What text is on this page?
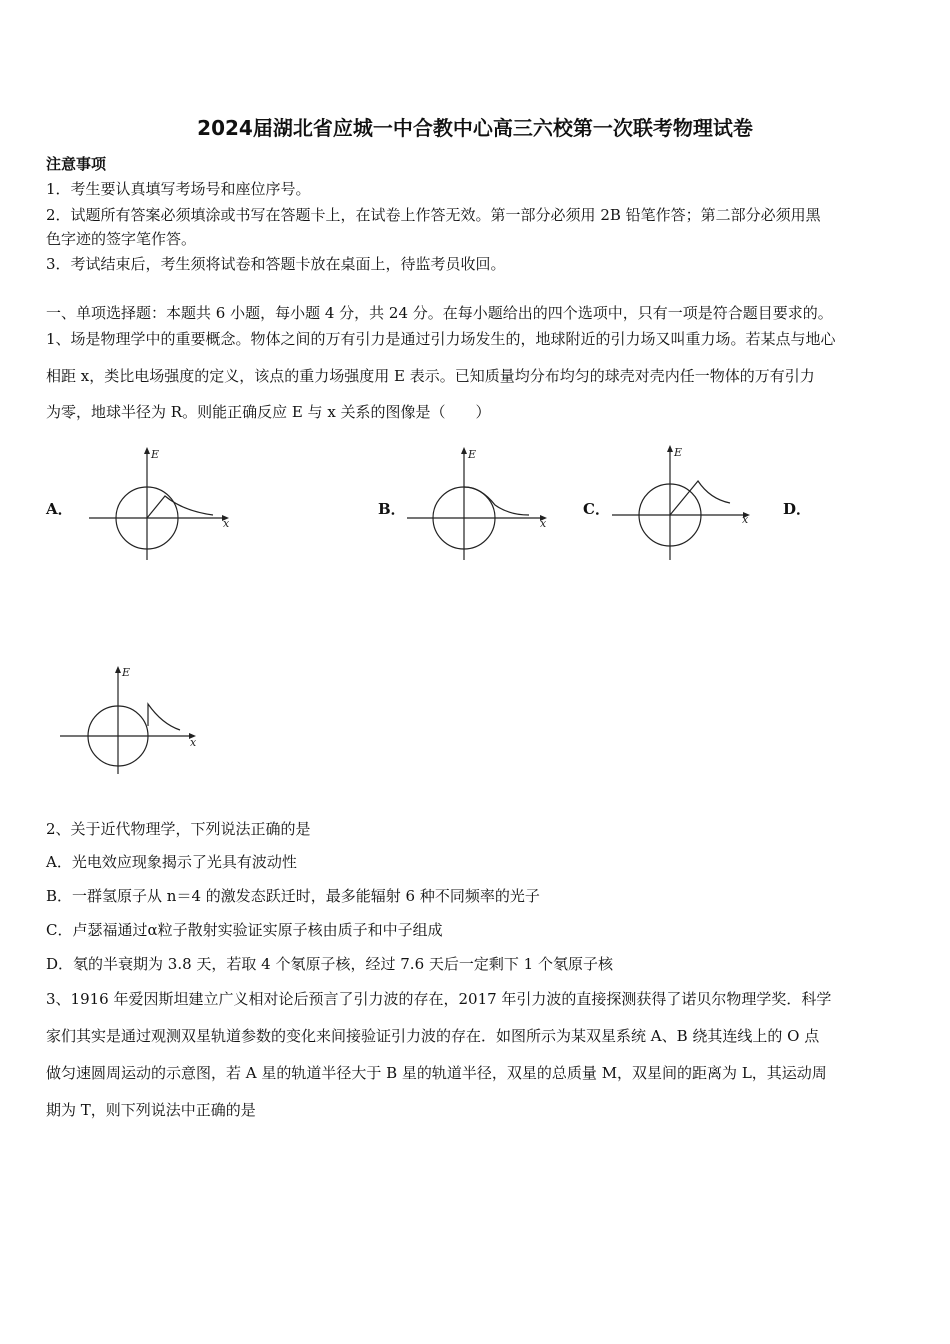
2024届湖北省应城一中合教中心高三六校第一次联考物理试卷
注意事项
1．考生要认真填写考场号和座位序号。
2．试题所有答案必须填涂或书写在答题卡上，在试卷上作答无效。第一部分必须用 2B 铅笔作答；第二部分必须用黑
色字迹的签字笔作答。
3．考试结束后，考生须将试卷和答题卡放在桌面上，待监考员收回。
一、单项选择题：本题共 6 小题，每小题 4 分，共 24 分。在每小题给出的四个选项中，只有一项是符合题目要求的。
1、场是物理学中的重要概念。物体之间的万有引力是通过引力场发生的，地球附近的引力场又叫重力场。若某点与地心
相距 x，类比电场强度的定义，该点的重力场强度用 E 表示。已知质量均分布均匀的球壳对壳内任一物体的万有引力
为零，地球半径为 R。则能正确反应 E 与 x 关系的图像是（　　）
A．	B．	C．	D．
E
x
E
x
E
x
E
x
2、关于近代物理学，下列说法正确的是
A．光电效应现象揭示了光具有波动性
B．一群氢原子从 n＝4 的激发态跃迁时，最多能辐射 6 种不同频率的光子
C．卢瑟福通过α粒子散射实验证实原子核由质子和中子组成
D．氡的半衰期为 3.8 天，若取 4 个氡原子核，经过 7.6 天后一定剩下 1 个氡原子核
3、1916 年爱因斯坦建立广义相对论后预言了引力波的存在，2017 年引力波的直接探测获得了诺贝尔物理学奖．科学
家们其实是通过观测双星轨道参数的变化来间接验证引力波的存在．如图所示为某双星系统 A、B 绕其连线上的 O 点
做匀速圆周运动的示意图，若 A 星的轨道半径大于 B 星的轨道半径，双星的总质量 M，双星间的距离为 L，其运动周
期为 T，则下列说法中正确的是
